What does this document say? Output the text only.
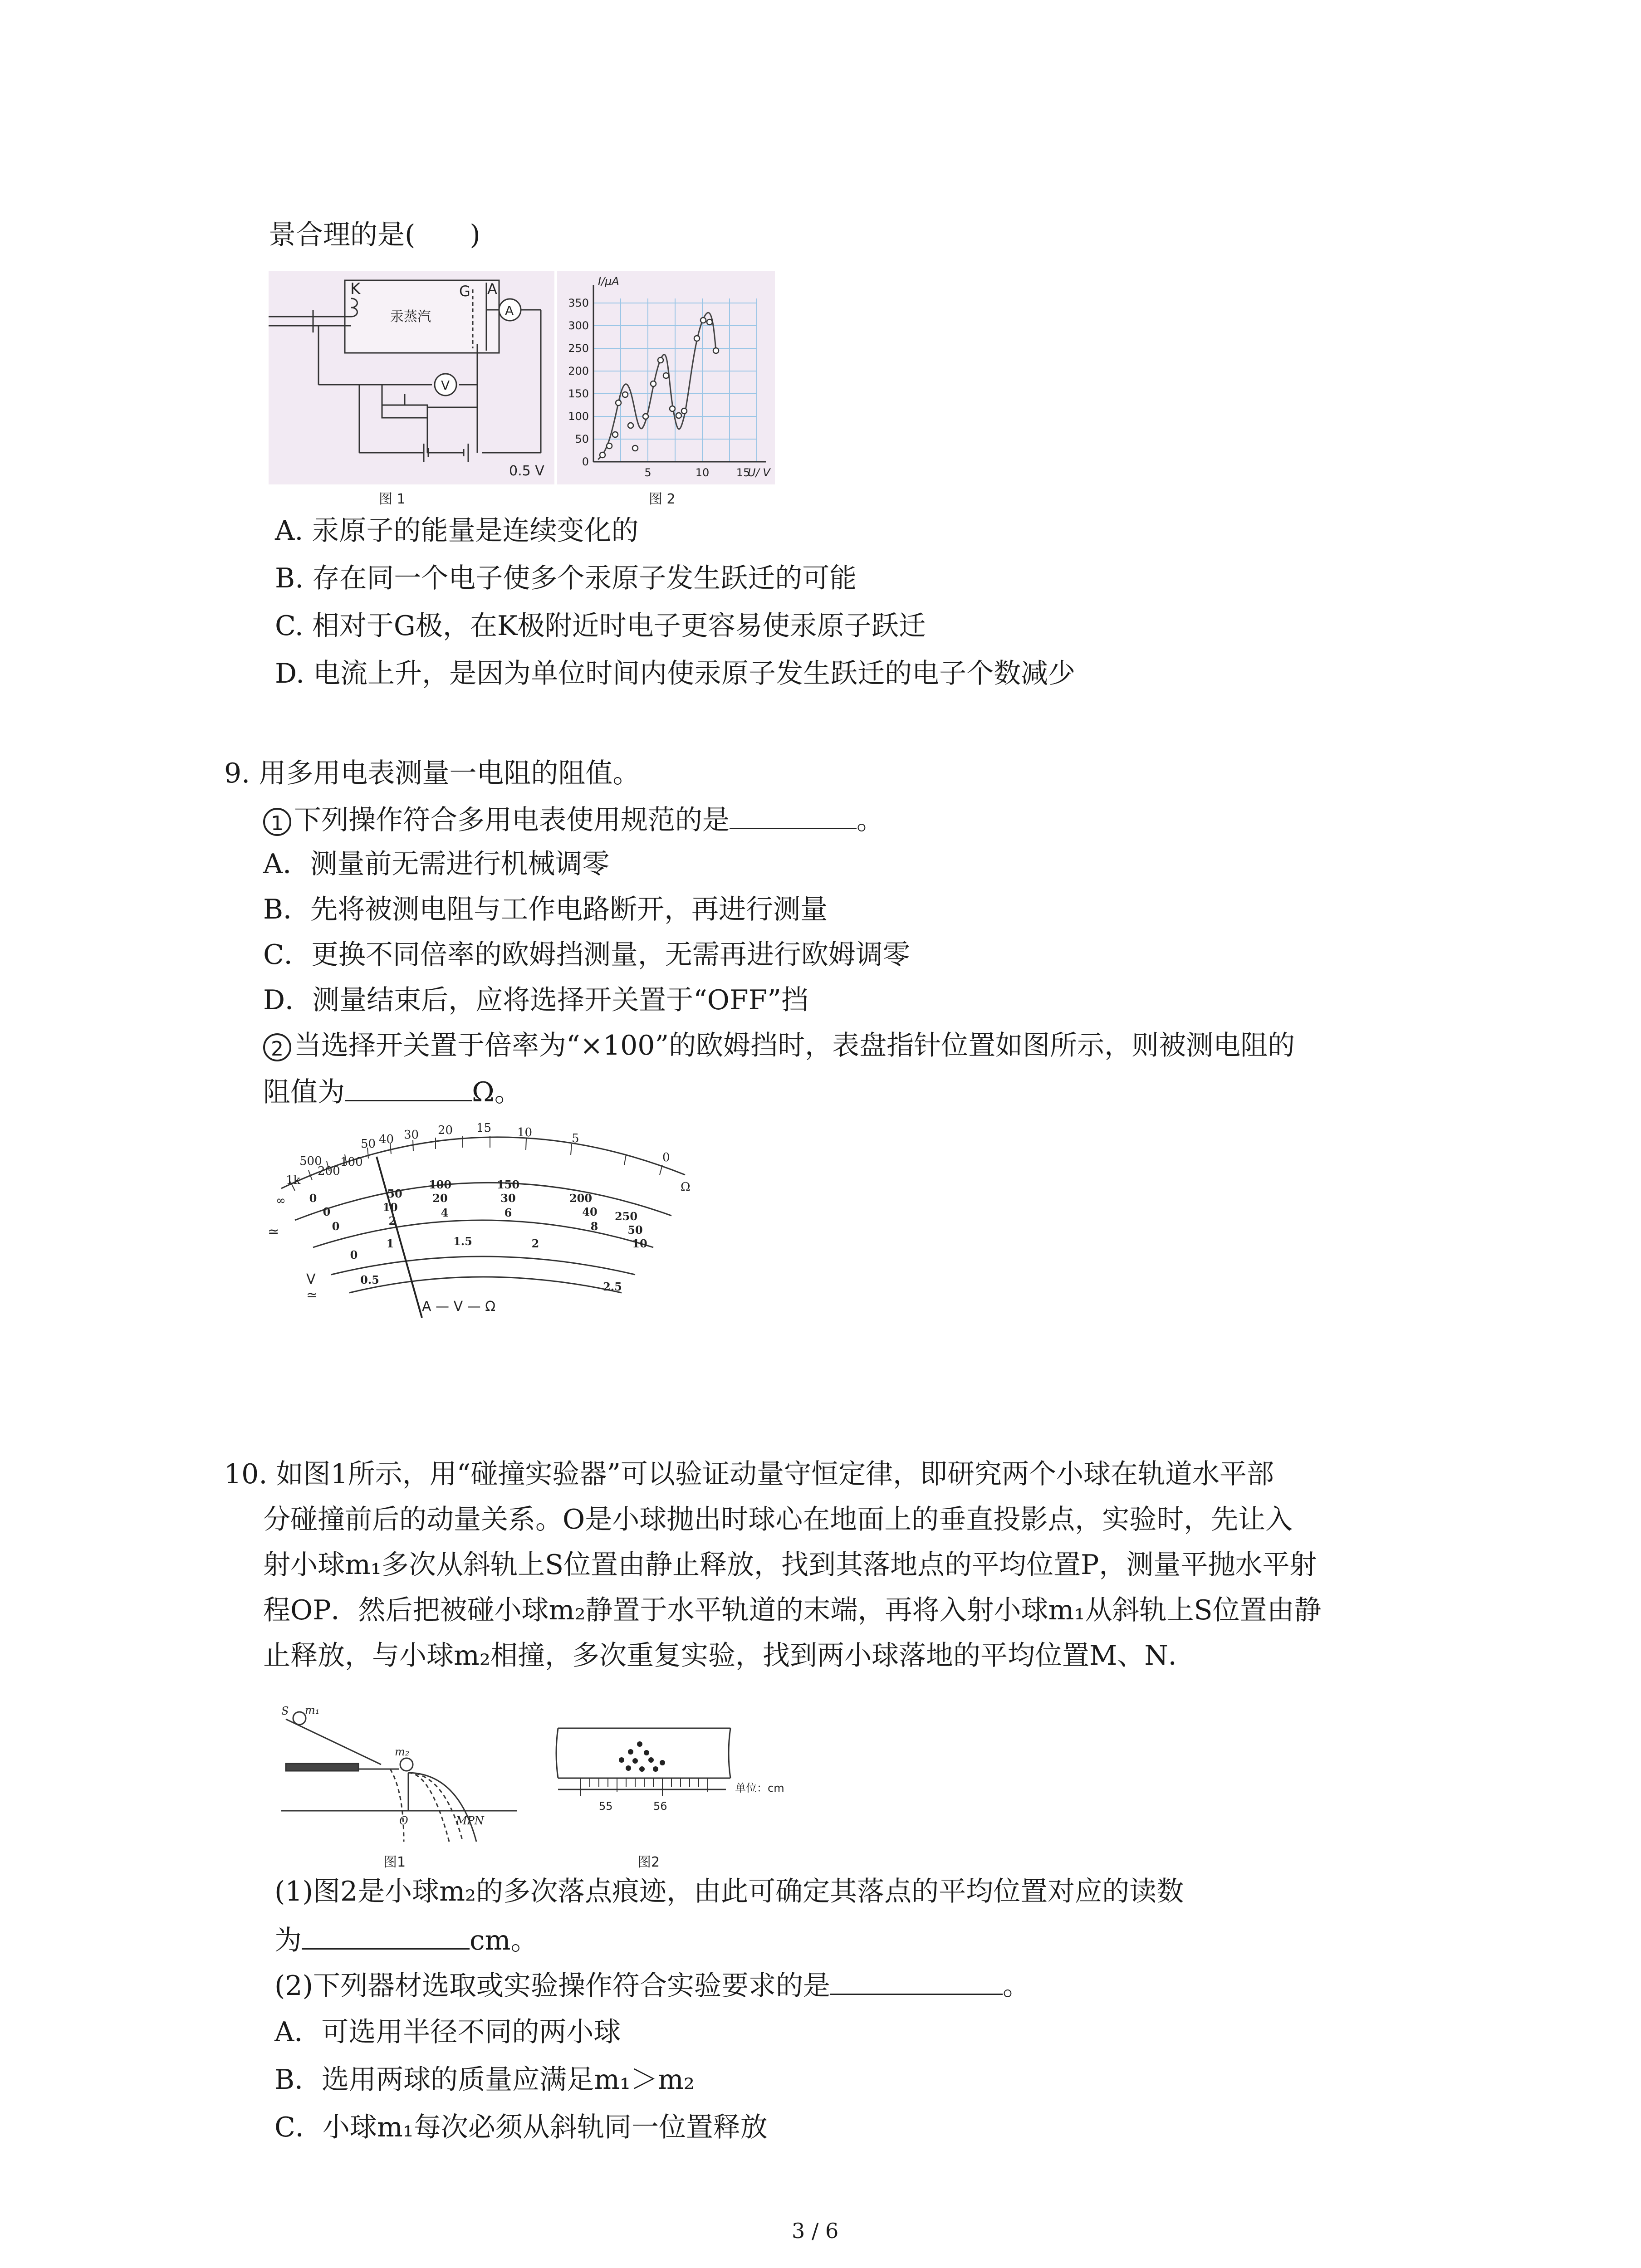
景合理的是(　　)
K	G A
汞蒸汽	A
V
0.5 V
图 1
350
300
250
200
150
100
50
0
5	10 15
I/μA
U/ V
图 2
A. 汞原子的能量是连续变化的
B. 存在同一个电子使多个汞原子发生跃迁的可能
C. 相对于G极，在K极附近时电子更容易使汞原子跃迁
D. 电流上升，是因为单位时间内使汞原子发生跃迁的电子个数减少
9. 用多用电表测量一电阻的阻值。
1 下列操作符合多用电表使用规范的是	。
A．测量前无需进行机械调零
B．先将被测电阻与工作电路断开，再进行测量
C．更换不同倍率的欧姆挡测量，无需再进行欧姆调零
D．测量结束后，应将选择开关置于“OFF”挡
2 当选择开关置于倍率为“×100”的欧姆挡时，表盘指针位置如图所示，则被测电阻的
阻值为	Ω。
∞
1k
500
200
100
50 40 30 20 15 10	5
0
Ω
0	50
100	150
200
250
0	10
20	30
40
50
0	2
4	6
8
10
0
0.5
1	1.5	2
2.5
≃
V
≃
A — V — Ω
10. 如图1所示，用“碰撞实验器”可以验证动量守恒定律，即研究两个小球在轨道水平部
分碰撞前后的动量关系。O是小球抛出时球心在地面上的垂直投影点，实验时，先让入
射小球m₁多次从斜轨上S位置由静止释放，找到其落地点的平均位置P，测量平抛水平射
程OP．然后把被碰小球m₂静置于水平轨道的末端，再将入射小球m₁从斜轨上S位置由静
止释放，与小球m₂相撞，多次重复实验，找到两小球落地的平均位置M、N．
S m₁
m₂
O	MPN
图1
55	56
单位：cm
图2
(1)图2是小球m₂的多次落点痕迹，由此可确定其落点的平均位置对应的读数
为	cm。
(2)下列器材选取或实验操作符合实验要求的是	。
A．可选用半径不同的两小球
B．选用两球的质量应满足m₁＞m₂
C．小球m₁每次必须从斜轨同一位置释放
3 / 6
